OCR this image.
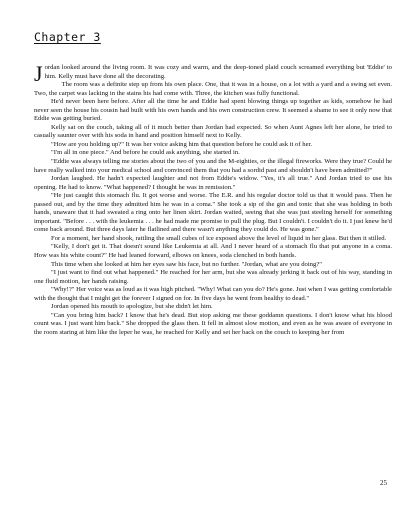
Chapter 3

Jordan looked around the living room. It was cozy and warm, and the deep-toned plaid couch screamed everything but 'Eddie' to him. Kelly must have done all the decorating.

The room was a definite step up from his own place. One, that it was in a house, on a lot with a yard and a swing set even. Two, the carpet was lacking in the stains his had come with. Three, the kitchen was fully functional.

He'd never been here before. After all the time he and Eddie had spent blowing things up together as kids, somehow he had never seen the house his cousin had built with his own hands and his own construction crew. It seemed a shame to see it only now that Eddie was getting buried.

Kelly sat on the couch, taking all of it much better than Jordan had expected. So when Aunt Agnes left her alone, he tried to casually saunter over with his soda in hand and position himself next to Kelly.

"How are you holding up?" It was her voice asking him that question before he could ask it of her.

"I'm all in one piece." And before he could ask anything, she started in.

"Eddie was always telling me stories about the two of you and the M-eighties, or the illegal fireworks. Were they true? Could he have really walked into your medical school and convinced them that you had a sordid past and shouldn't have been admitted?"

Jordan laughed. He hadn't expected laughter and not from Eddie's widow. "Yes, it's all true." And Jordan tried to use his opening. He had to know. "What happened? I thought he was in remission."

"He just caught this stomach flu. It got worse and worse. The E.R. and his regular doctor told us that it would pass. Then he passed out, and by the time they admitted him he was in a coma." She took a sip of the gin and tonic that she was holding in both hands, unaware that it had sweated a ring onto her linen skirt. Jordan waited, seeing that she was just steeling herself for something important. "Before . . . with the leukemia . . . he had made me promise to pull the plug. But I couldn't. I couldn't do it. I just knew he'd come back around. But three days later he flatlined and there wasn't anything they could do. He was gone."

For a moment, her hand shook, rattling the small cubes of ice exposed above the level of liquid in her glass. But then it stilled.

"Kelly, I don't get it. That doesn't sound like Leukemia at all. And I never heard of a stomach flu that put anyone in a coma. How was his white count?" He had leaned forward, elbows on knees, soda clenched in both hands.

This time when she looked at him her eyes saw his face, but no further. "Jordan, what are you doing?"

"I just want to find out what happened." He reached for her arm, but she was already jerking it back out of his way, standing in one fluid motion, her hands raising.

"Why!?" Her voice was as loud as it was high pitched. "Why! What can you do? He's gone. Just when I was getting comfortable with the thought that I might get the forever I signed on for. In five days he went from healthy to dead."

Jordan opened his mouth to apologize, but she didn't let him.

"Can you bring him back? I know that he's dead. But stop asking me these goddamn questions. I don't know what his blood count was. I just want him back." She dropped the glass then. It fell in almost slow motion, and even as he was aware of everyone in the room staring at him like the leper he was, he reached for Kelly and set her back on the couch to keeping her from

25
